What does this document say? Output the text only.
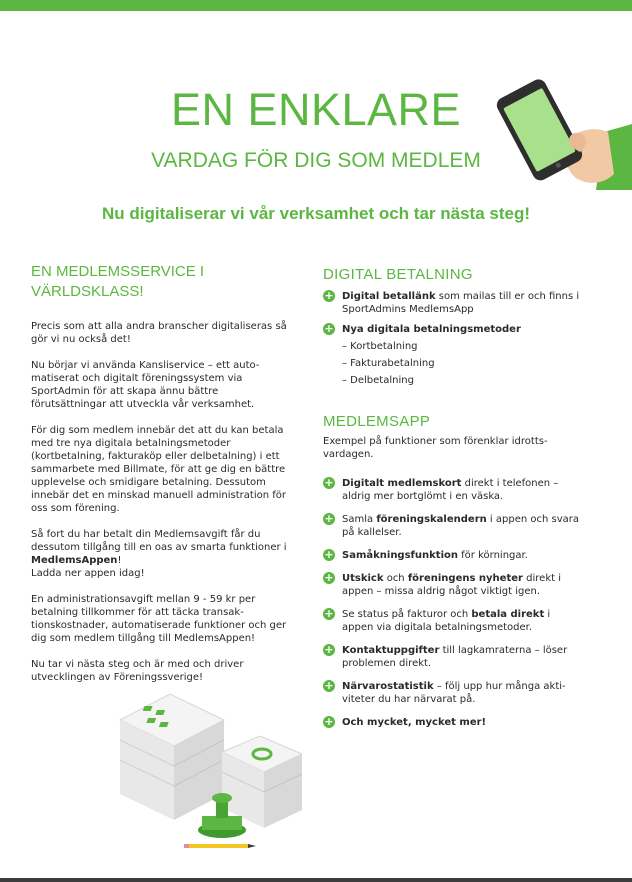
EN ENKLARE
VARDAG FÖR DIG SOM MEDLEM
Nu digitaliserar vi vår verksamhet och tar nästa steg!
EN MEDLEMSSERVICE I
VÄRLDSKLASS!

Precis som att alla andra branscher digitaliseras så gör vi nu också det!

Nu börjar vi använda Kansliservice – ett auto-matiserat och digitalt föreningssystem via SportAdmin för att skapa ännu bättre förutsättningar att utveckla vår verksamhet.

För dig som medlem innebär det att du kan betala med tre nya digitala betalningsmetoder (kortbetalning, fakturaköp eller delbetalning) i ett sammarbete med Billmate, för att ge dig en bättre upplevelse och smidigare betalning. Dessutom innebär det en minskad manuell administration för oss som förening.

Så fort du har betalt din Medlemsavgift får du dessutom tillgång till en oas av smarta funktioner i MedlemsAppen!
Ladda ner appen idag!

En administrationsavgift mellan 9 - 59 kr per betalning tillkommer för att täcka transak-tionskostnader, automatiserade funktioner och ger dig som medlem tillgång till MedlemsAppen!

Nu tar vi nästa steg och är med och driver utvecklingen av Föreningssverige!

DIGITAL BETALNING
+ Digital betallänk som mailas till er och finns i SportAdmins MedlemsApp
+ Nya digitala betalningsmetoder
– Kortbetalning
– Fakturabetalning
– Delbetalning
MEDLEMSAPP

Exempel på funktioner som förenklar idrotts-vardagen.

+ Digitalt medlemskort direkt i telefonen – aldrig mer bortglömt i en väska.
+ Samla föreningskalendern i appen och svara på kallelser.
+ Samåkningsfunktion för körningar.
+ Utskick och föreningens nyheter direkt i appen – missa aldrig något viktigt igen.
+ Se status på fakturor och betala direkt i appen via digitala betalningsmetoder.
+ Kontaktuppgifter till lagkamraterna – löser problemen direkt.
+ Närvarostatistik – följ upp hur många akti-viteter du har närvarat på.
+ Och mycket, mycket mer!
